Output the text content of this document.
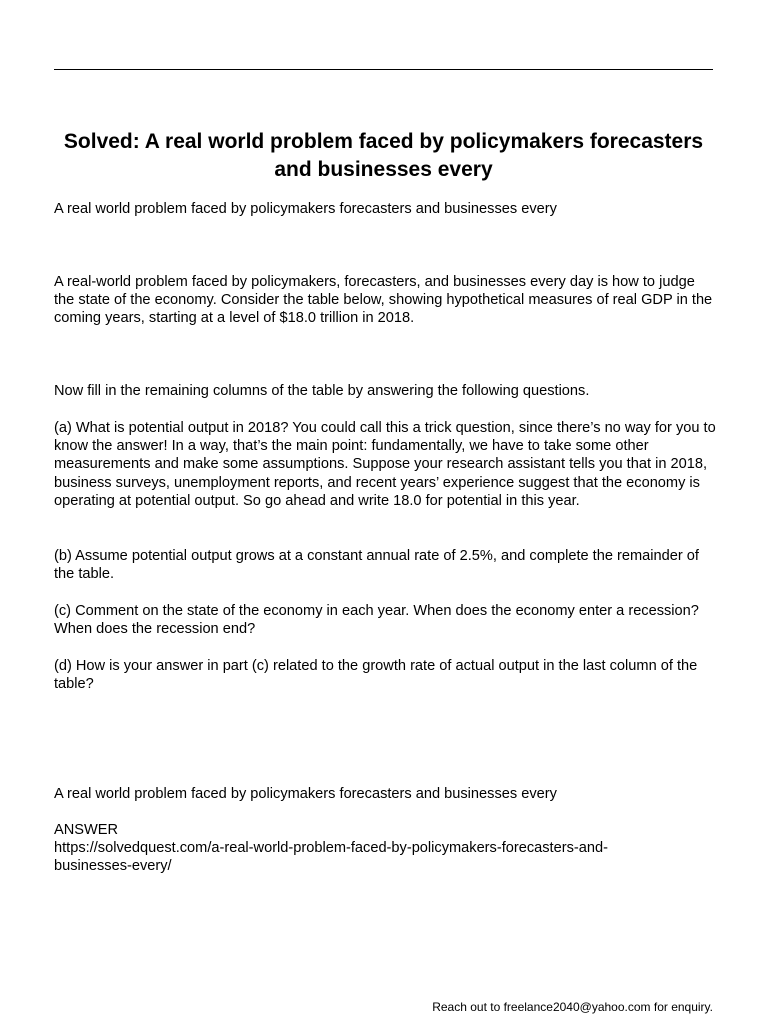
Solved: A real world problem faced by policymakers forecasters and businesses every

A real world problem faced by policymakers forecasters and businesses every

A real-world problem faced by policymakers, forecasters, and businesses every day is how to judge the state of the economy. Consider the table below, showing hypothetical measures of real GDP in the coming years, starting at a level of $18.0 trillion in 2018.

Now fill in the remaining columns of the table by answering the following questions.

(a) What is potential output in 2018? You could call this a trick question, since there’s no way for you to know the answer! In a way, that’s the main point: fundamentally, we have to take some other measurements and make some assumptions. Suppose your research assistant tells you that in 2018, business surveys, unemployment reports, and recent years’ experience suggest that the economy is operating at potential output. So go ahead and write 18.0 for potential in this year.

(b) Assume potential output grows at a constant annual rate of 2.5%, and complete the remainder of the table.

(c) Comment on the state of the economy in each year. When does the economy enter a recession? When does the recession end?

(d) How is your answer in part (c) related to the growth rate of actual output in the last column of the table?

A real world problem faced by policymakers forecasters and businesses every

ANSWER

https://solvedquest.com/a-real-world-problem-faced-by-policymakers-forecasters-and-businesses-every/

Reach out to freelance2040@yahoo.com for enquiry.
